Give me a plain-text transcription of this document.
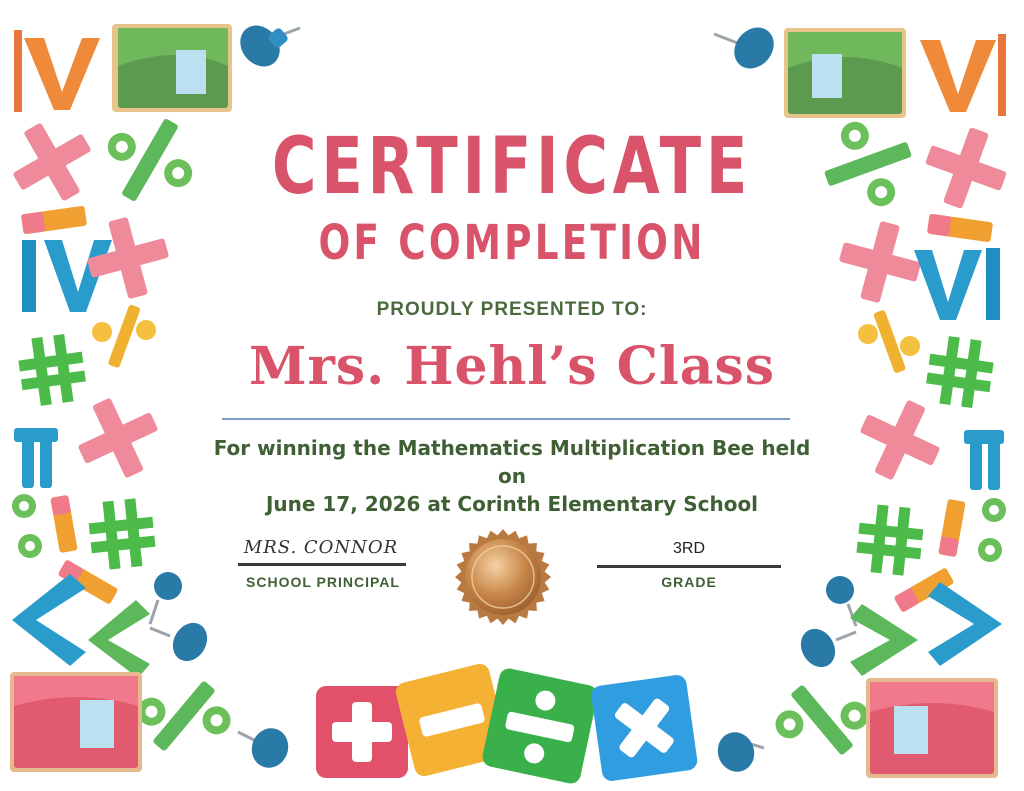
CERTIFICATE
OF COMPLETION
PROUDLY PRESENTED TO:
Mrs. Hehl’s Class
For winning the Mathematics Multiplication Bee held
on
June 17, 2026 at Corinth Elementary School
MRS. CONNOR
SCHOOL PRINCIPAL
3RD
GRADE
